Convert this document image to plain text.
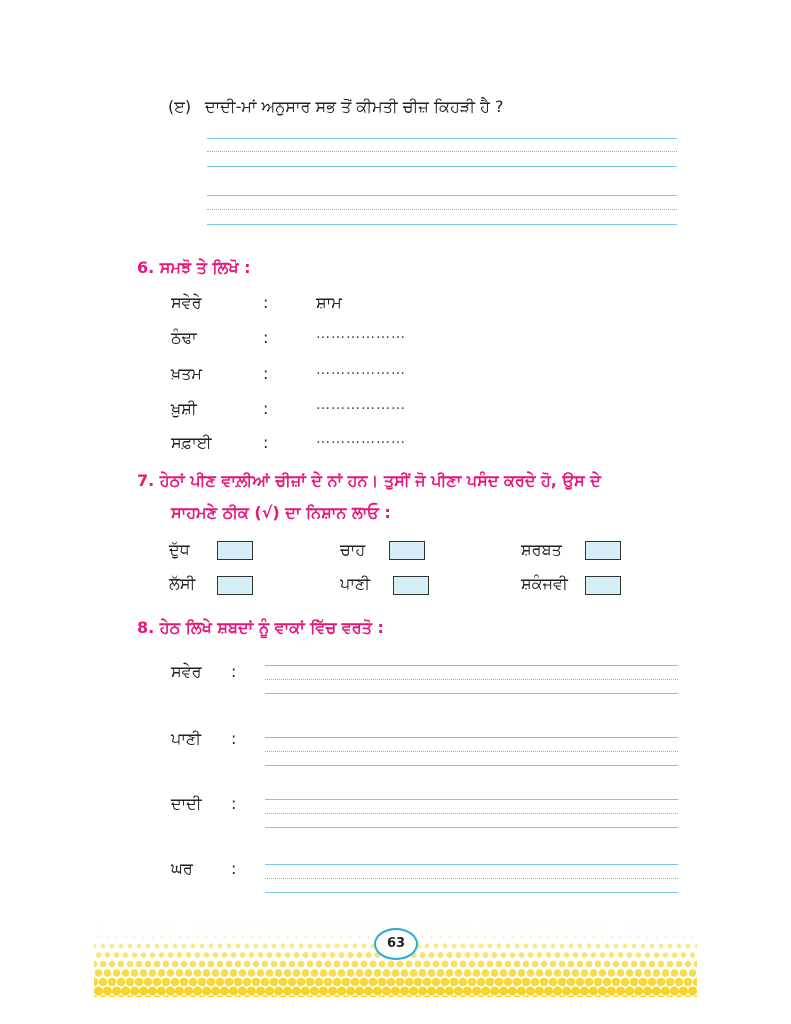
(ੲ) ਦਾਦੀ-ਮਾਂ ਅਨੁਸਾਰ ਸਭ ਤੋਂ ਕੀਮਤੀ ਚੀਜ਼ ਕਿਹੜੀ ਹੈ ?
6. ਸਮਝੋ ਤੇ ਲਿਖੋ :
ਸਵੇਰੇ	:	ਸ਼ਾਮ
ਠੰਢਾ	:	………………
ਖ਼ਤਮ	:	………………
ਖ਼ੁਸ਼ੀ	:	………………
ਸਫ਼ਾਈ	:	………………
7. ਹੇਠਾਂ ਪੀਣ ਵਾਲ਼ੀਆਂ ਚੀਜ਼ਾਂ ਦੇ ਨਾਂ ਹਨ। ਤੁਸੀਂ ਜੋ ਪੀਣਾ ਪਸੰਦ ਕਰਦੇ ਹੋ, ਉਸ ਦੇ
ਸਾਹਮਣੇ ਠੀਕ (√) ਦਾ ਨਿਸ਼ਾਨ ਲਾਓ :
ਦੁੱਧ	ਚਾਹ	ਸ਼ਰਬਤ
ਲੱਸੀ	ਪਾਣੀ	ਸ਼ਕੰਜਵੀ
8. ਹੇਠ ਲਿਖੇ ਸ਼ਬਦਾਂ ਨੂੰ ਵਾਕਾਂ ਵਿੱਚ ਵਰਤੋ :
ਸਵੇਰ :
ਪਾਣੀ :
ਦਾਦੀ :
ਘਰ :
63
